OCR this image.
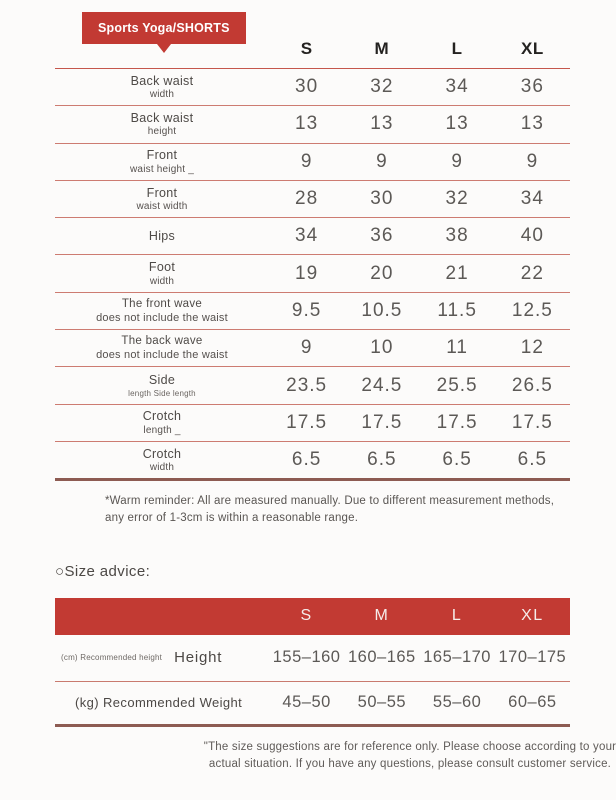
Sports Yoga/SHORTS
S	M	L	XL
Back waist
width	30	32	34	36
Back waist
height	13	13	13	13
Front
waist height _	9	9	9	9
Front
waist width	28	30	32	34
Hips	34	36	38	40
Foot
width	19	20	21	22
The front wave
does not include the waist	9.5	10.5	11.5	12.5
The back wave
does not include the waist	9	10	11	12
Side
length Side length	23.5	24.5	25.5	26.5
Crotch
length _	17.5	17.5	17.5	17.5
Crotch
width	6.5	6.5	6.5	6.5

*Warm reminder: All are measured manually. Due to different measurement methods, any error of 1-3cm is within a reasonable range.

○Size advice:
S	M	L	XL
(cm) Recommended height Height	155–160 160–165 165–170 170–175
(kg) Recommended Weight	45–50	50–55	55–60	60–65

"The size suggestions are for reference only. Please choose according to your actual situation. If you have any questions, please consult customer service.
